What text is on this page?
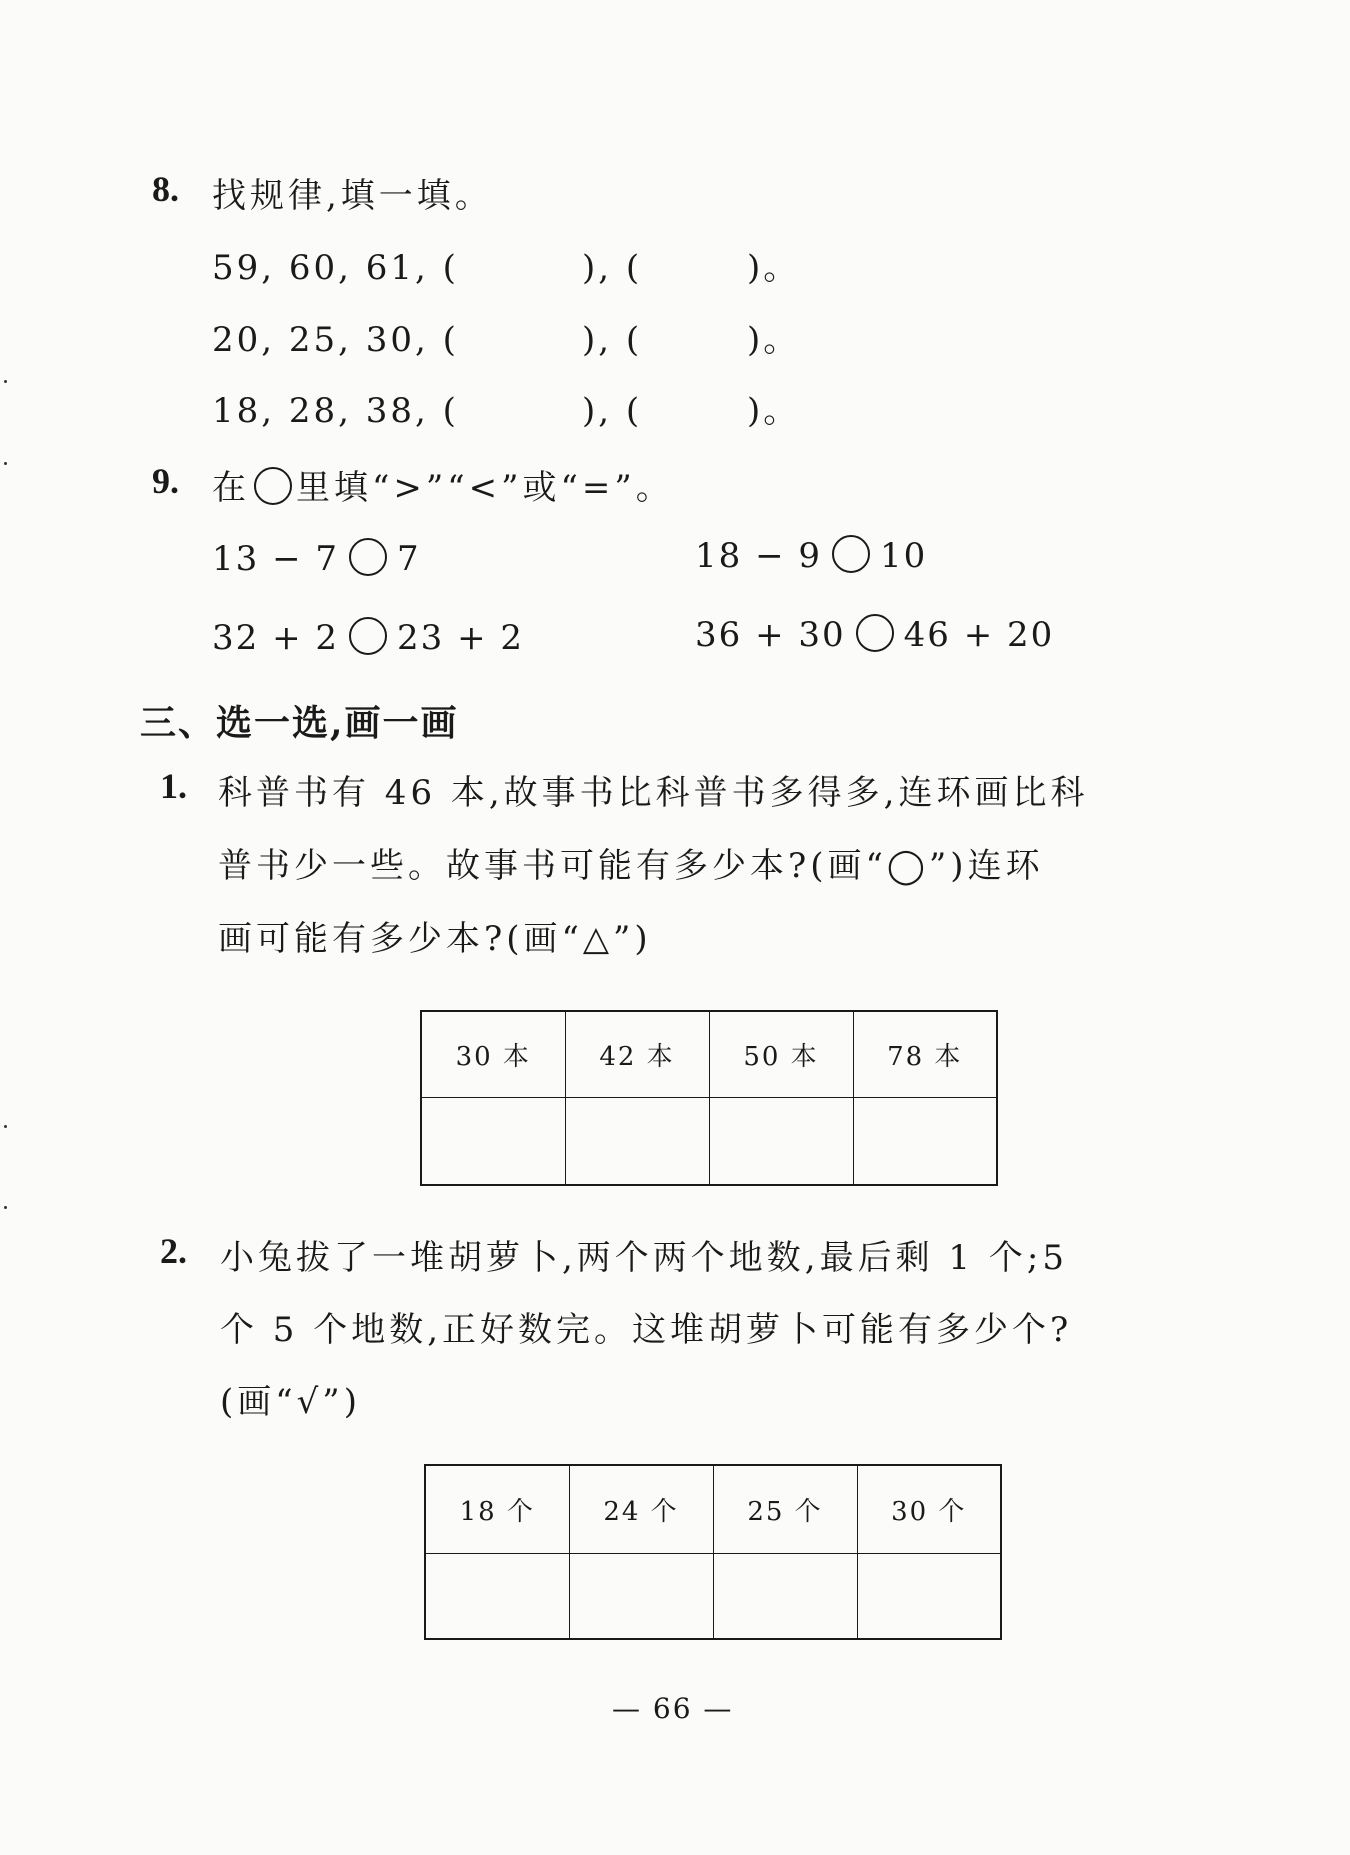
8. 找规律,填一填。
59, 60, 61, (	), (	)。
20, 25, 30, (	), (	)。
18, 28, 38, (	), (	)。
9. 在 里填“>”“<”或“=”。
13 − 7 7	18 − 9 10
32 + 2 23 + 2	36 + 30 46 + 20
三、选一选,画一画
1. 科普书有 46 本,故事书比科普书多得多,连环画比科
普书少一些。故事书可能有多少本?(画“◯”)连环
画可能有多少本?(画“△”)
30 本	42 本	50 本	78 本

2. 小兔拔了一堆胡萝卜,两个两个地数,最后剩 1 个;5
个 5 个地数,正好数完。这堆胡萝卜可能有多少个?
(画“√”)
18 个	24 个	25 个	30 个

— 66 —
